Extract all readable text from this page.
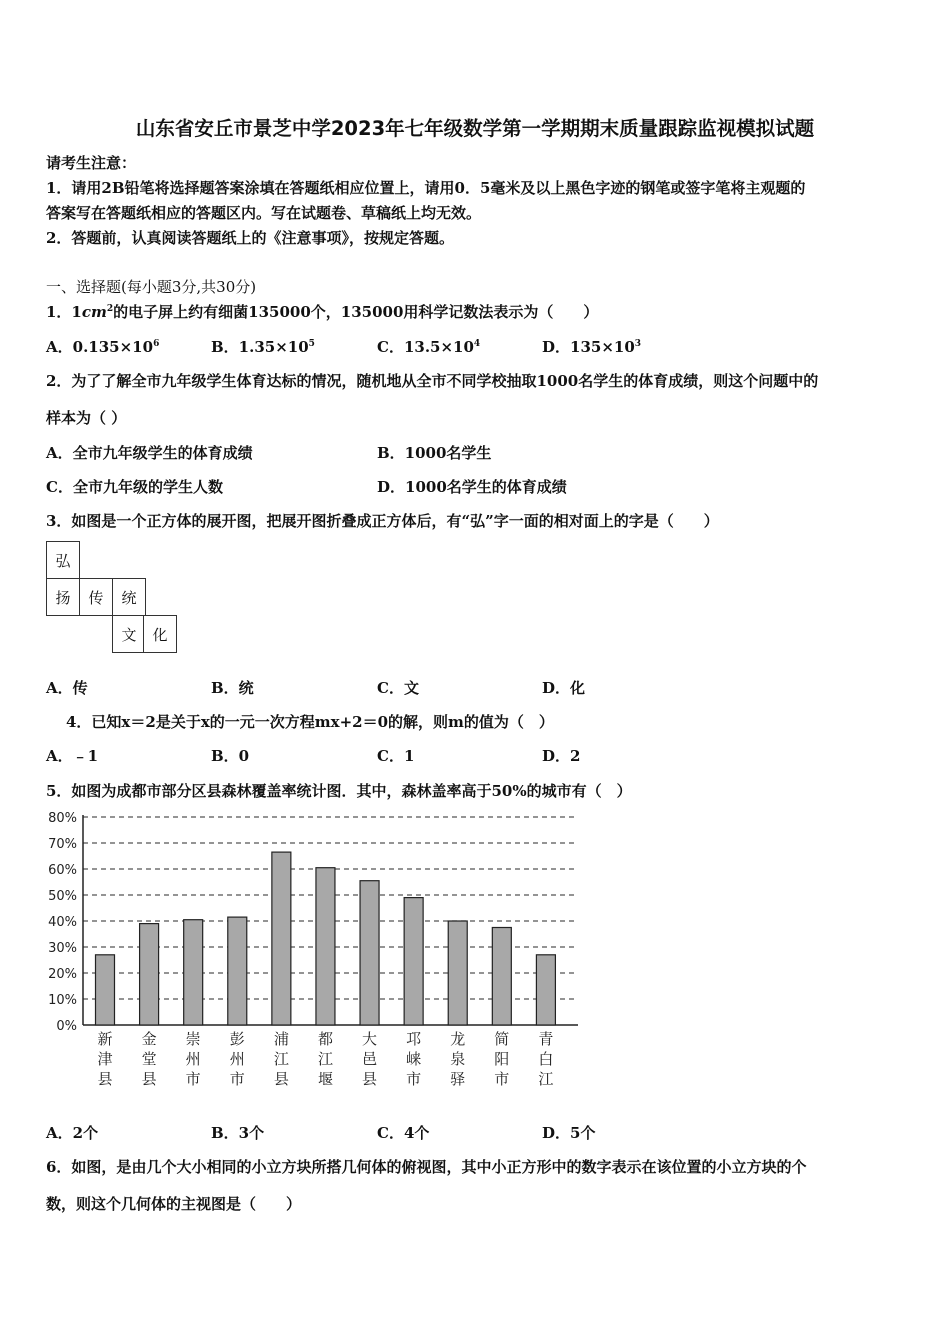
山东省安丘市景芝中学2023年七年级数学第一学期期末质量跟踪监视模拟试题
请考生注意：
1．请用2B铅笔将选择题答案涂填在答题纸相应位置上，请用0．5毫米及以上黑色字迹的钢笔或签字笔将主观题的
答案写在答题纸相应的答题区内。写在试题卷、草稿纸上均无效。
2．答题前，认真阅读答题纸上的《注意事项》，按规定答题。
一、选择题(每小题3分,共30分)
1．$1cm^2$的电子屏上约有细菌135000个，135000用科学记数法表示为（　　）
A．$0.135\times 10^6$	B．$1.35\times 10^5$	C．$13.5\times 10^4$	D．$135\times 10^3$
2．为了了解全市九年级学生体育达标的情况，随机地从全市不同学校抽取1000名学生的体育成绩，则这个问题中的
样本为（ ）
A．全市九年级学生的体育成绩	B．1000名学生
C．全市九年级的学生人数	D．1000名学生的体育成绩
3．如图是一个正方体的展开图，把展开图折叠成正方体后，有“弘”字一面的相对面上的字是（　　）
弘
扬	传	统
文	化
A．传	B．统	C．文	D．化
4．已知x＝2是关于x的一元一次方程mx+2＝0的解，则m的值为（　）
A．﹣1	B．0	C．1	D．2
5．如图为成都市部分区县森林覆盖率统计图．其中，森林盖率高于50%的城市有（　）
0%
10%
20%
30%
40%
50%
60%
70%
80%
新
津
县
金
堂
县
崇
州
市
彭
州
市
浦
江
县
都
江
堰
大
邑
县
邛
崃
市
龙
泉
驿
简
阳
市
青
白
江
A．2个	B．3个	C．4个	D．5个
6．如图，是由几个大小相同的小立方块所搭几何体的俯视图，其中小正方形中的数字表示在该位置的小立方块的个
数，则这个几何体的主视图是（　　）
